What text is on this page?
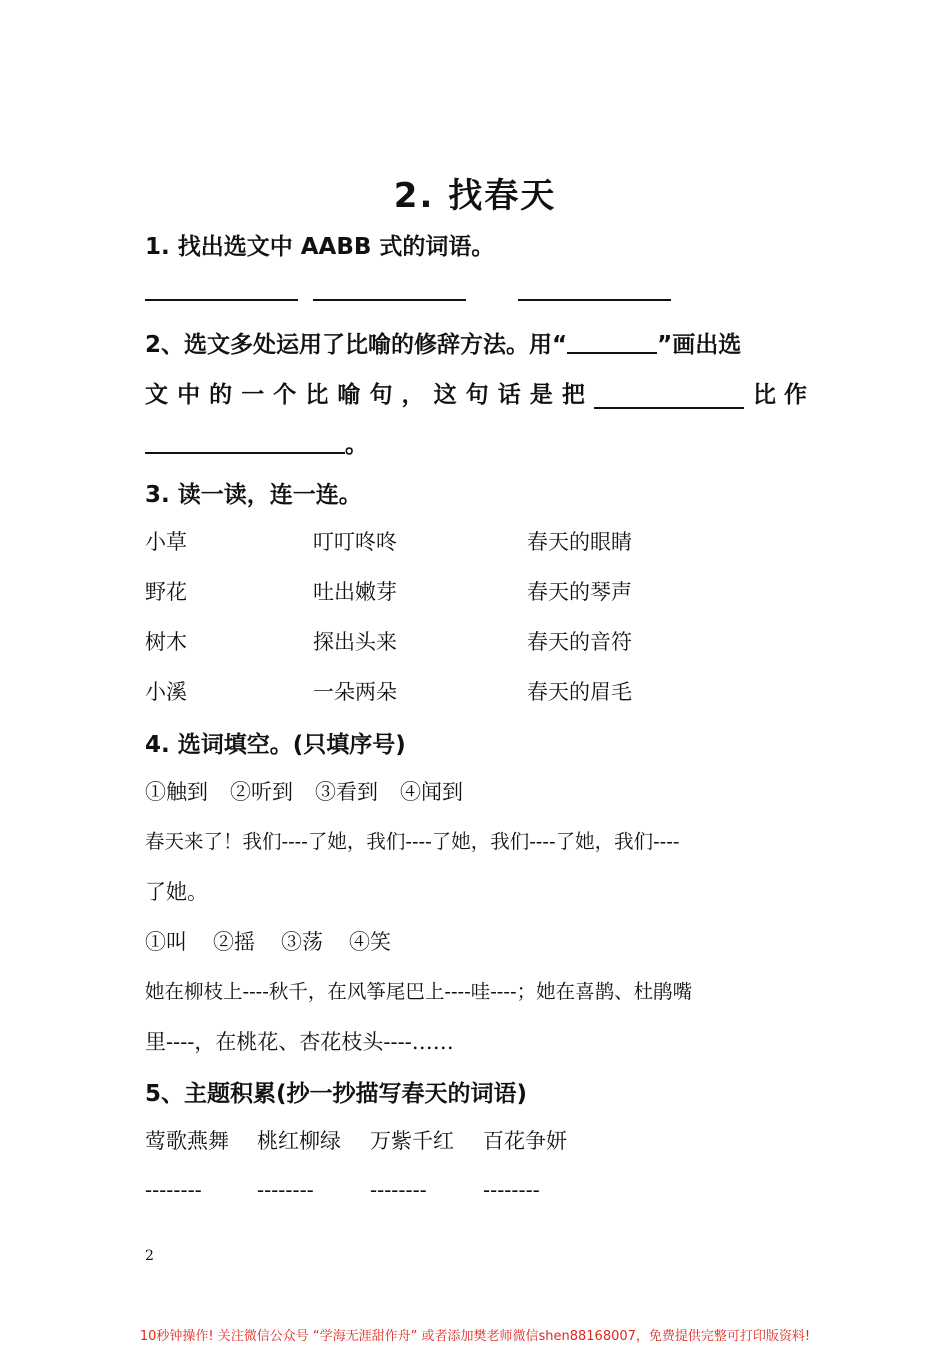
2. 找春天
1. 找出选文中 AABB 式的词语。
2、选文多处运用了比喻的修辞方法。用“	”画出选
文 中 的 一 个 比 喻 句 ， 这 句 话 是 把	比 作
。
3. 读一读，连一连。
小草	叮叮咚咚	春天的眼睛
野花	吐出嫩芽	春天的琴声
树木	探出头来	春天的音符
小溪	一朵两朵	春天的眉毛
4. 选词填空。(只填序号)
①触到 ②听到 ③看到 ④闻到
春天来了！我们----了她，我们----了她，我们----了她，我们----
了她。
①叫 ②摇 ③荡 ④笑
她在柳枝上----秋千，在风筝尾巴上----哇----；她在喜鹊、杜鹃嘴
里----，在桃花、杏花枝头----……
5、主题积累(抄一抄描写春天的词语)
莺歌燕舞 桃红柳绿 万紫千红 百花争妍
--------	--------	--------	--------
2
10秒钟操作! 关注微信公众号 “学海无涯甜作舟” 或者添加樊老师微信shen88168007，免费提供完整可打印版资料!
